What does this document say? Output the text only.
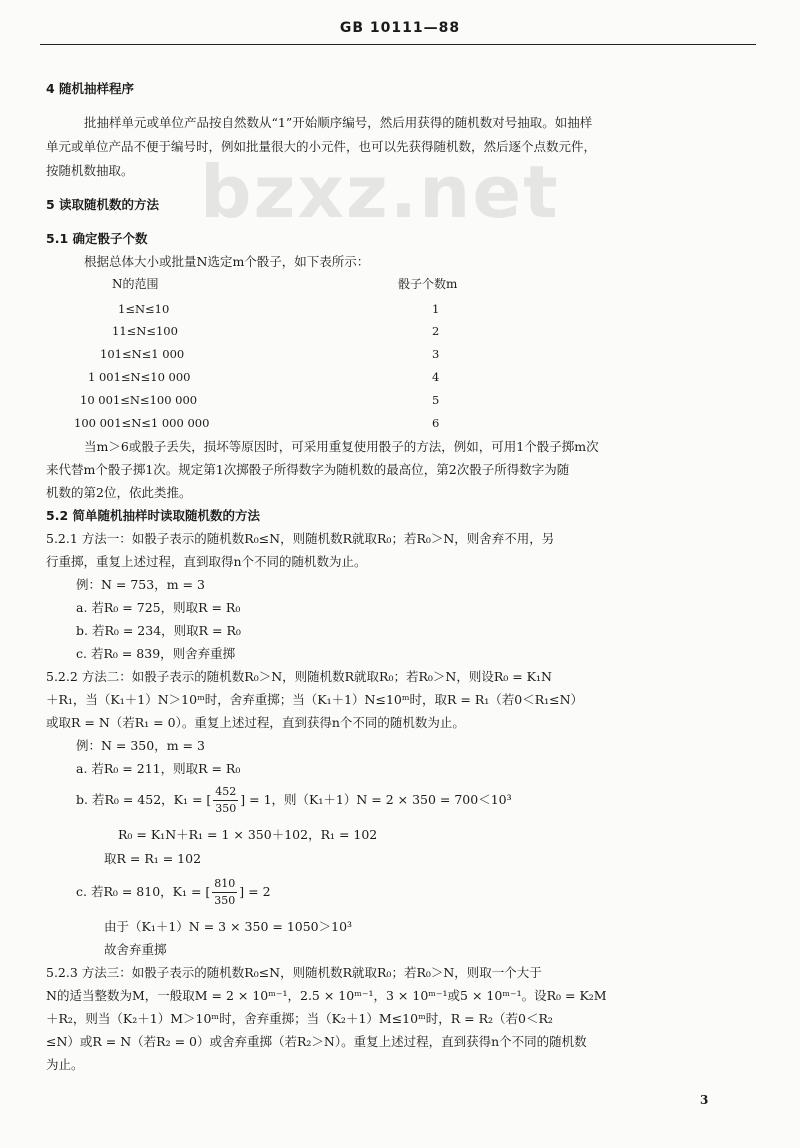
GB 10111—88
bzxz.net
4 随机抽样程序
批抽样单元或单位产品按自然数从“1”开始顺序编号，然后用获得的随机数对号抽取。如抽样
单元或单位产品不便于编号时，例如批量很大的小元件，也可以先获得随机数，然后逐个点数元件，
按随机数抽取。
5 读取随机数的方法
5.1 确定骰子个数
根据总体大小或批量N选定m个骰子，如下表所示：
N的范围	骰子个数m
1≤N≤10	1
11≤N≤100	2
101≤N≤1 000	3
1 001≤N≤10 000	4
10 001≤N≤100 000	5
100 001≤N≤1 000 000	6
当m＞6或骰子丢失，损坏等原因时，可采用重复使用骰子的方法，例如，可用1个骰子掷m次
来代替m个骰子掷1次。规定第1次掷骰子所得数字为随机数的最高位，第2次骰子所得数字为随
机数的第2位，依此类推。
5.2 简单随机抽样时读取随机数的方法
5.2.1 方法一：如骰子表示的随机数R₀≤N，则随机数R就取R₀；若R₀＞N，则舍弃不用，另
行重掷，重复上述过程，直到取得n个不同的随机数为止。
例：N = 753，m = 3
a. 若R₀ = 725，则取R = R₀
b. 若R₀ = 234，则取R = R₀
c. 若R₀ = 839，则舍弃重掷
5.2.2 方法二：如骰子表示的随机数R₀＞N，则随机数R就取R₀；若R₀＞N，则设R₀ = K₁N
＋R₁，当（K₁＋1）N＞10ᵐ时，舍弃重掷；当（K₁＋1）N≤10ᵐ时，取R = R₁（若0＜R₁≤N）
或取R = N（若R₁ = 0）。重复上述过程，直到获得n个不同的随机数为止。
例：N = 350，m = 3
a. 若R₀ = 211，则取R = R₀
b. 若R₀ = 452，K₁ = [ $\frac{452}{350}$ ] = 1，则（K₁＋1）N = 2 × 350 = 700＜10³
R₀ = K₁N＋R₁ = 1 × 350＋102，R₁ = 102
取R = R₁ = 102
c. 若R₀ = 810，K₁ = [ $\frac{810}{350}$ ] = 2
由于（K₁＋1）N = 3 × 350 = 1050＞10³
故舍弃重掷
5.2.3 方法三：如骰子表示的随机数R₀≤N，则随机数R就取R₀；若R₀＞N，则取一个大于
N的适当整数为M，一般取M = 2 × 10ᵐ⁻¹，2.5 × 10ᵐ⁻¹，3 × 10ᵐ⁻¹或5 × 10ᵐ⁻¹。设R₀ = K₂M
＋R₂，则当（K₂＋1）M＞10ᵐ时，舍弃重掷；当（K₂＋1）M≤10ᵐ时，R = R₂（若0＜R₂
≤N）或R = N（若R₂ = 0）或舍弃重掷（若R₂＞N）。重复上述过程，直到获得n个不同的随机数
为止。
3
